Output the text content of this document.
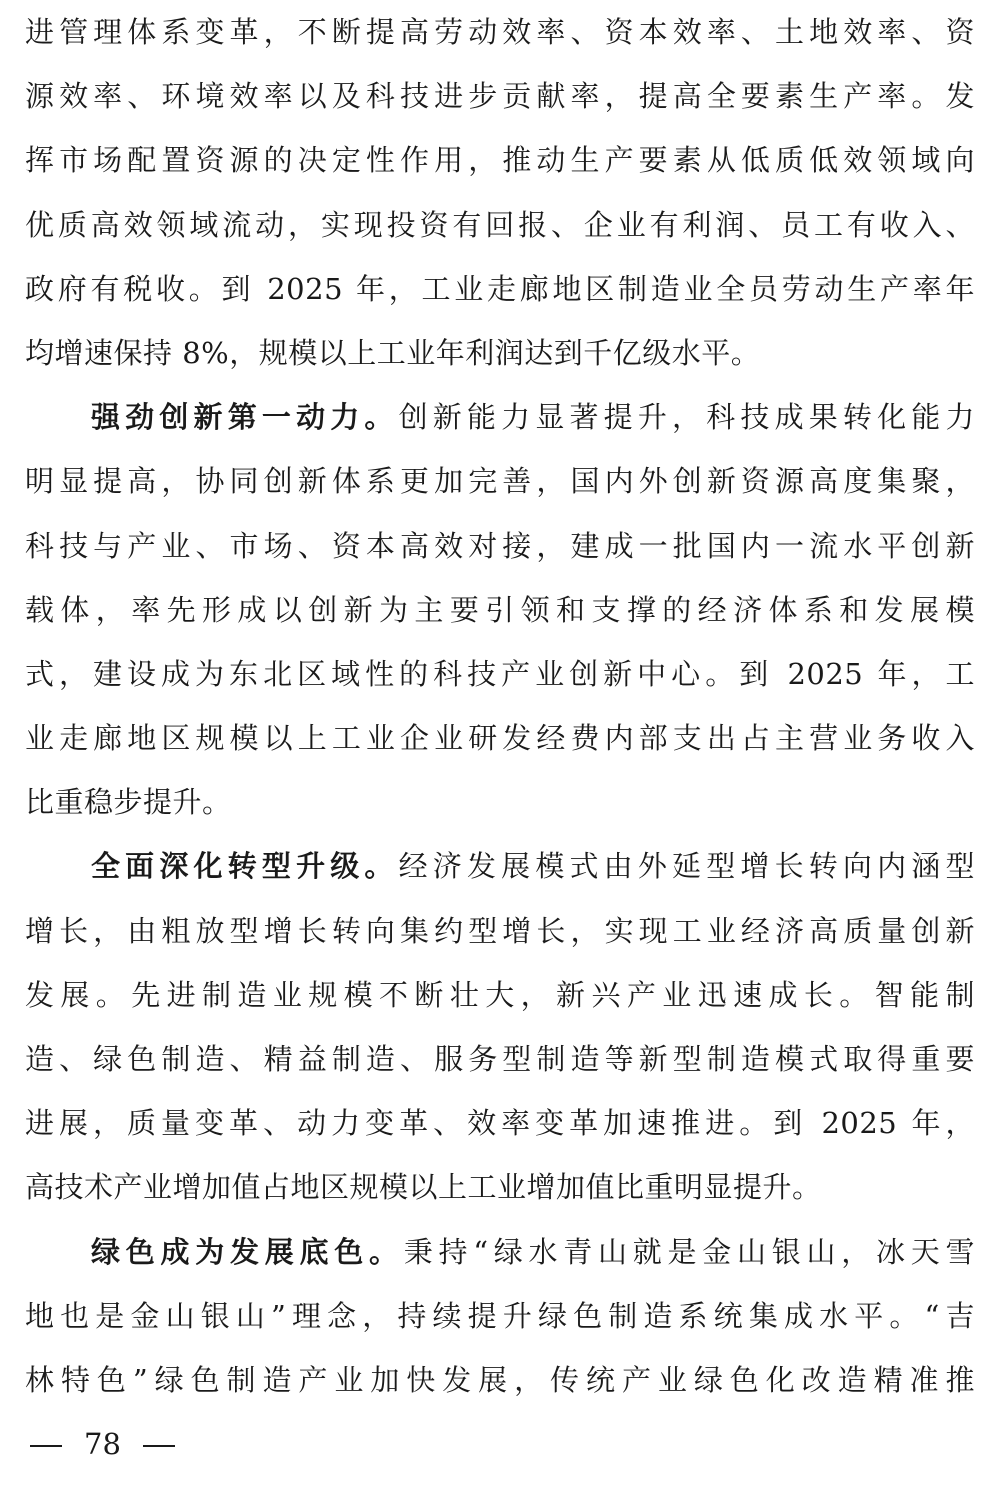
进管理体系变革，不断提高劳动效率、资本效率、土地效率、资
源效率、环境效率以及科技进步贡献率，提高全要素生产率。发
挥市场配置资源的决定性作用，推动生产要素从低质低效领域向
优质高效领域流动，实现投资有回报、企业有利润、员工有收入、
政府有税收。到 2025 年，工业走廊地区制造业全员劳动生产率年
均增速保持 8%，规模以上工业年利润达到千亿级水平。
强劲创新第一动力。创新能力显著提升，科技成果转化能力
明显提高，协同创新体系更加完善，国内外创新资源高度集聚，
科技与产业、市场、资本高效对接，建成一批国内一流水平创新
载体，率先形成以创新为主要引领和支撑的经济体系和发展模
式，建设成为东北区域性的科技产业创新中心。到 2025 年，工
业走廊地区规模以上工业企业研发经费内部支出占主营业务收入
比重稳步提升。
全面深化转型升级。经济发展模式由外延型增长转向内涵型
增长，由粗放型增长转向集约型增长，实现工业经济高质量创新
发展。先进制造业规模不断壮大，新兴产业迅速成长。智能制
造、绿色制造、精益制造、服务型制造等新型制造模式取得重要
进展，质量变革、动力变革、效率变革加速推进。到 2025 年，
高技术产业增加值占地区规模以上工业增加值比重明显提升。
绿色成为发展底色。秉持“绿水青山就是金山银山，冰天雪
地也是金山银山”理念，持续提升绿色制造系统集成水平。“吉
林特色”绿色制造产业加快发展，传统产业绿色化改造精准推
78
